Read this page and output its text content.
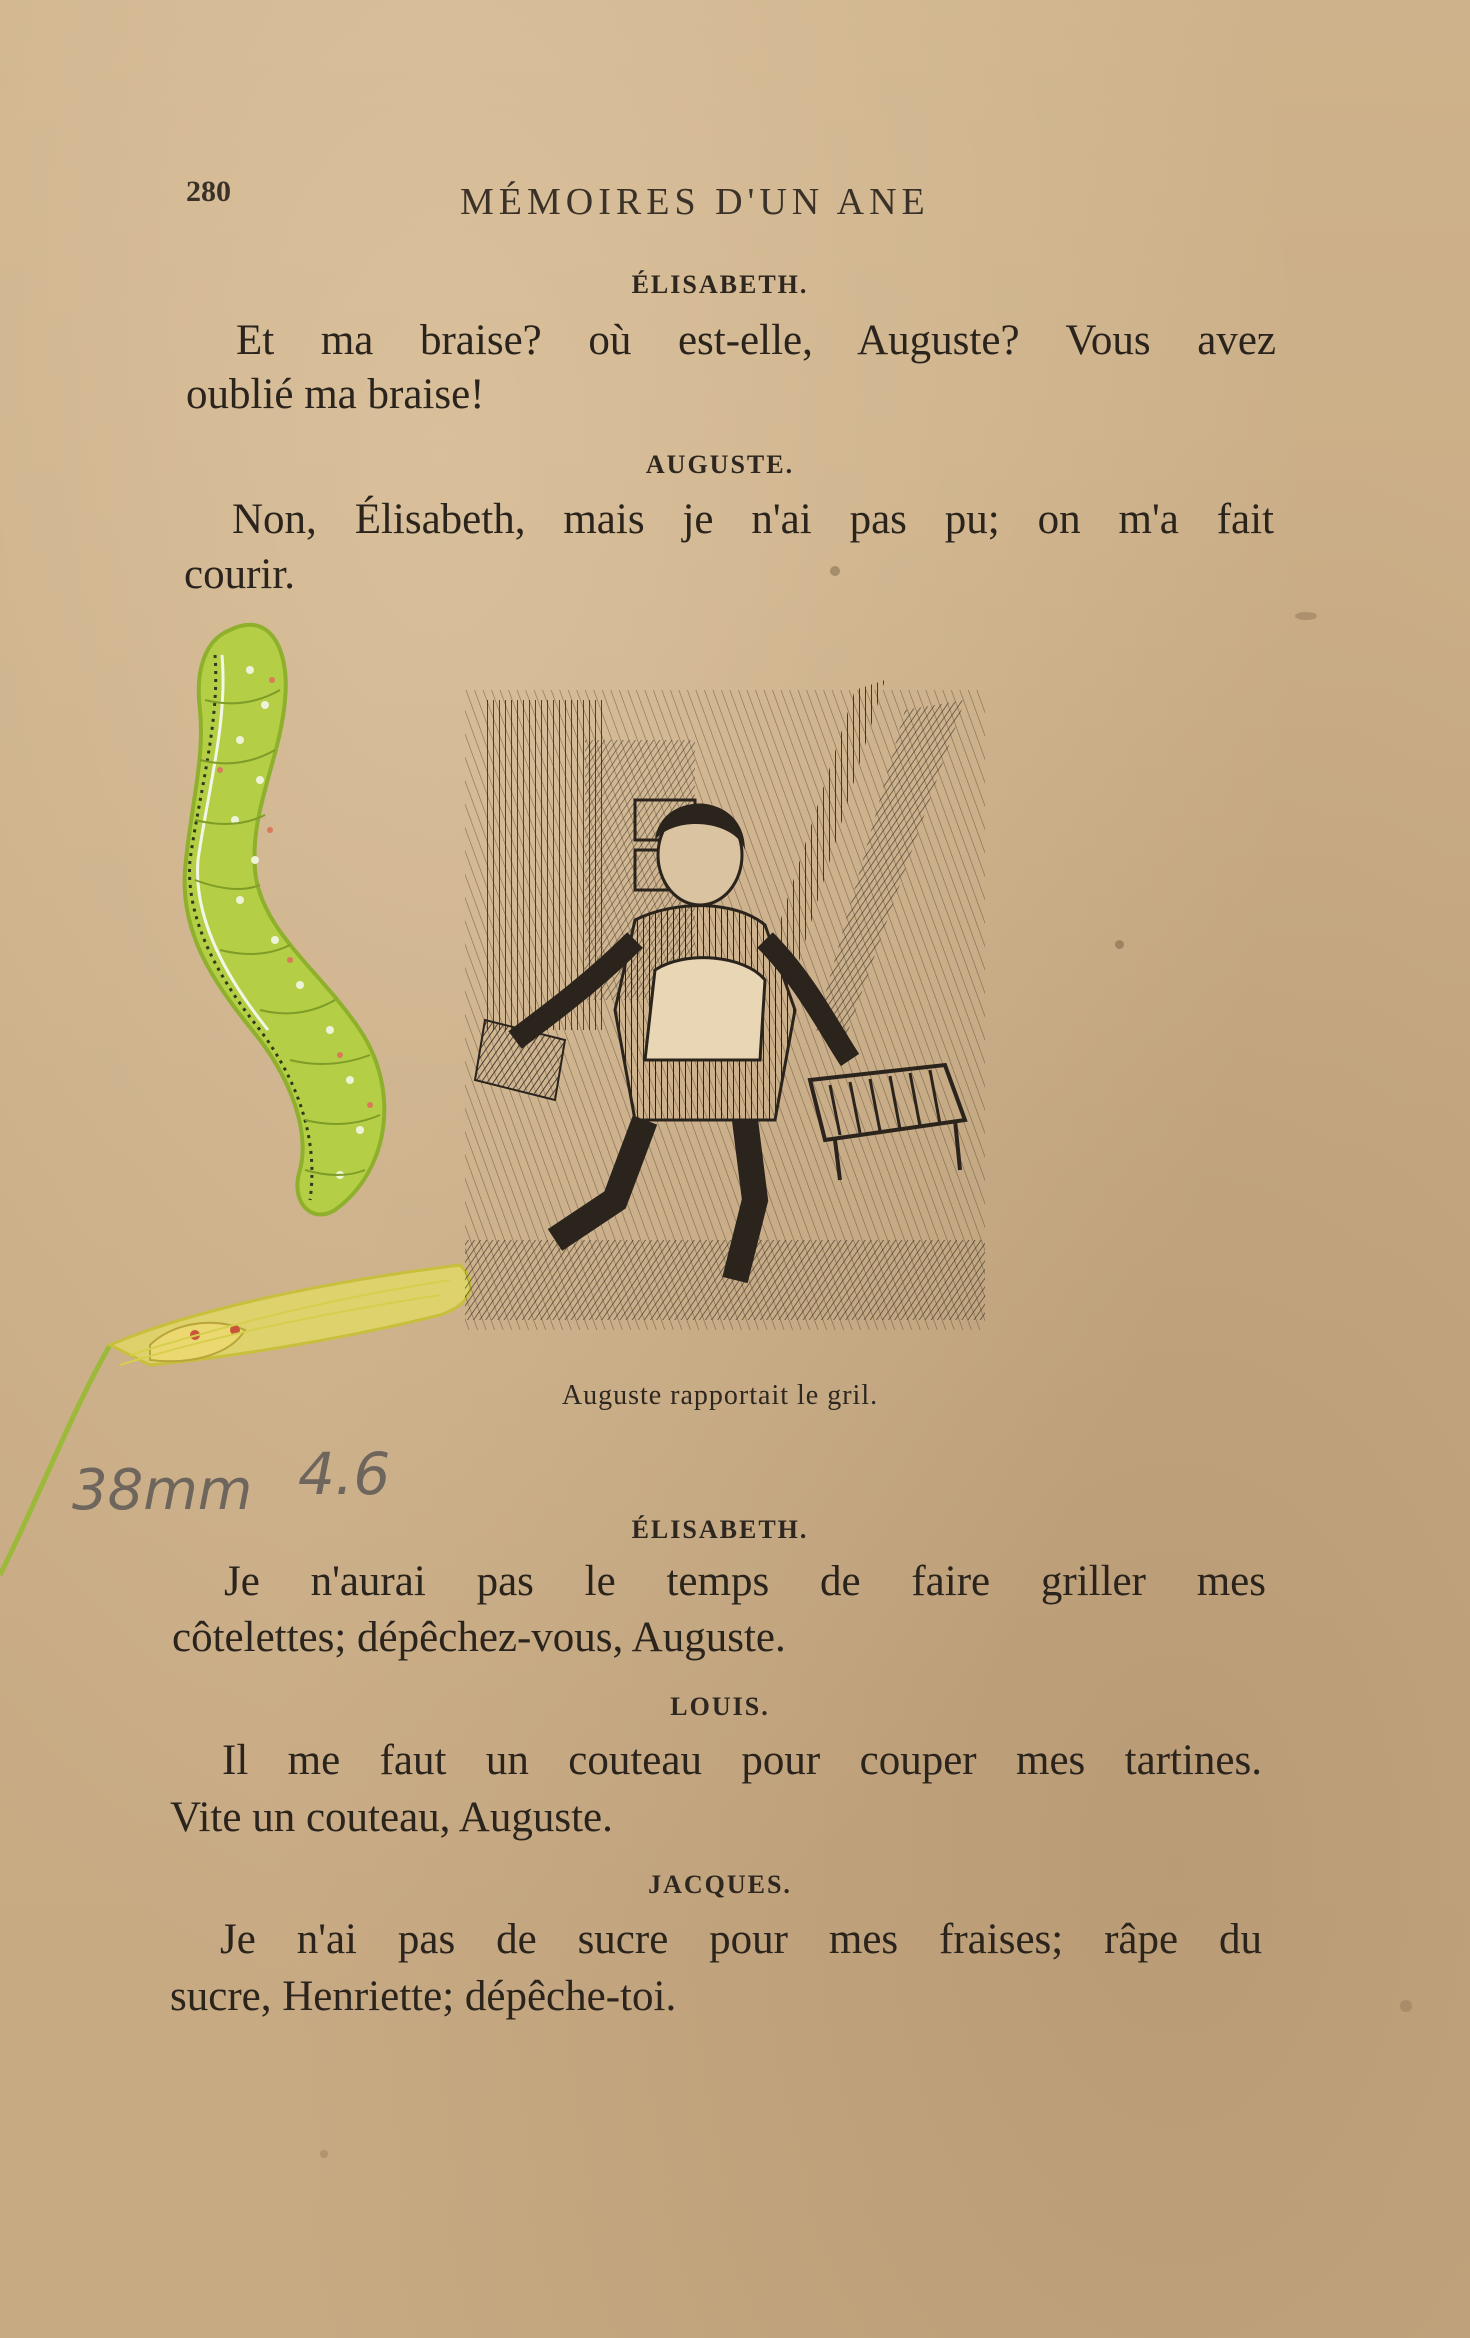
280	MÉMOIRES D'UN ANE
ÉLISABETH.
Et ma braise? où est-elle, Auguste? Vous avez
oublié ma braise!
AUGUSTE.
Non, Élisabeth, mais je n'ai pas pu; on m'a fait
courir.
Auguste rapportait le gril.
38mm 4.6
ÉLISABETH.
Je n'aurai pas le temps de faire griller mes
côtelettes; dépêchez-vous, Auguste.
LOUIS.
Il me faut un couteau pour couper mes tartines.
Vite un couteau, Auguste.
JACQUES.
Je n'ai pas de sucre pour mes fraises; râpe du
sucre, Henriette; dépêche-toi.
